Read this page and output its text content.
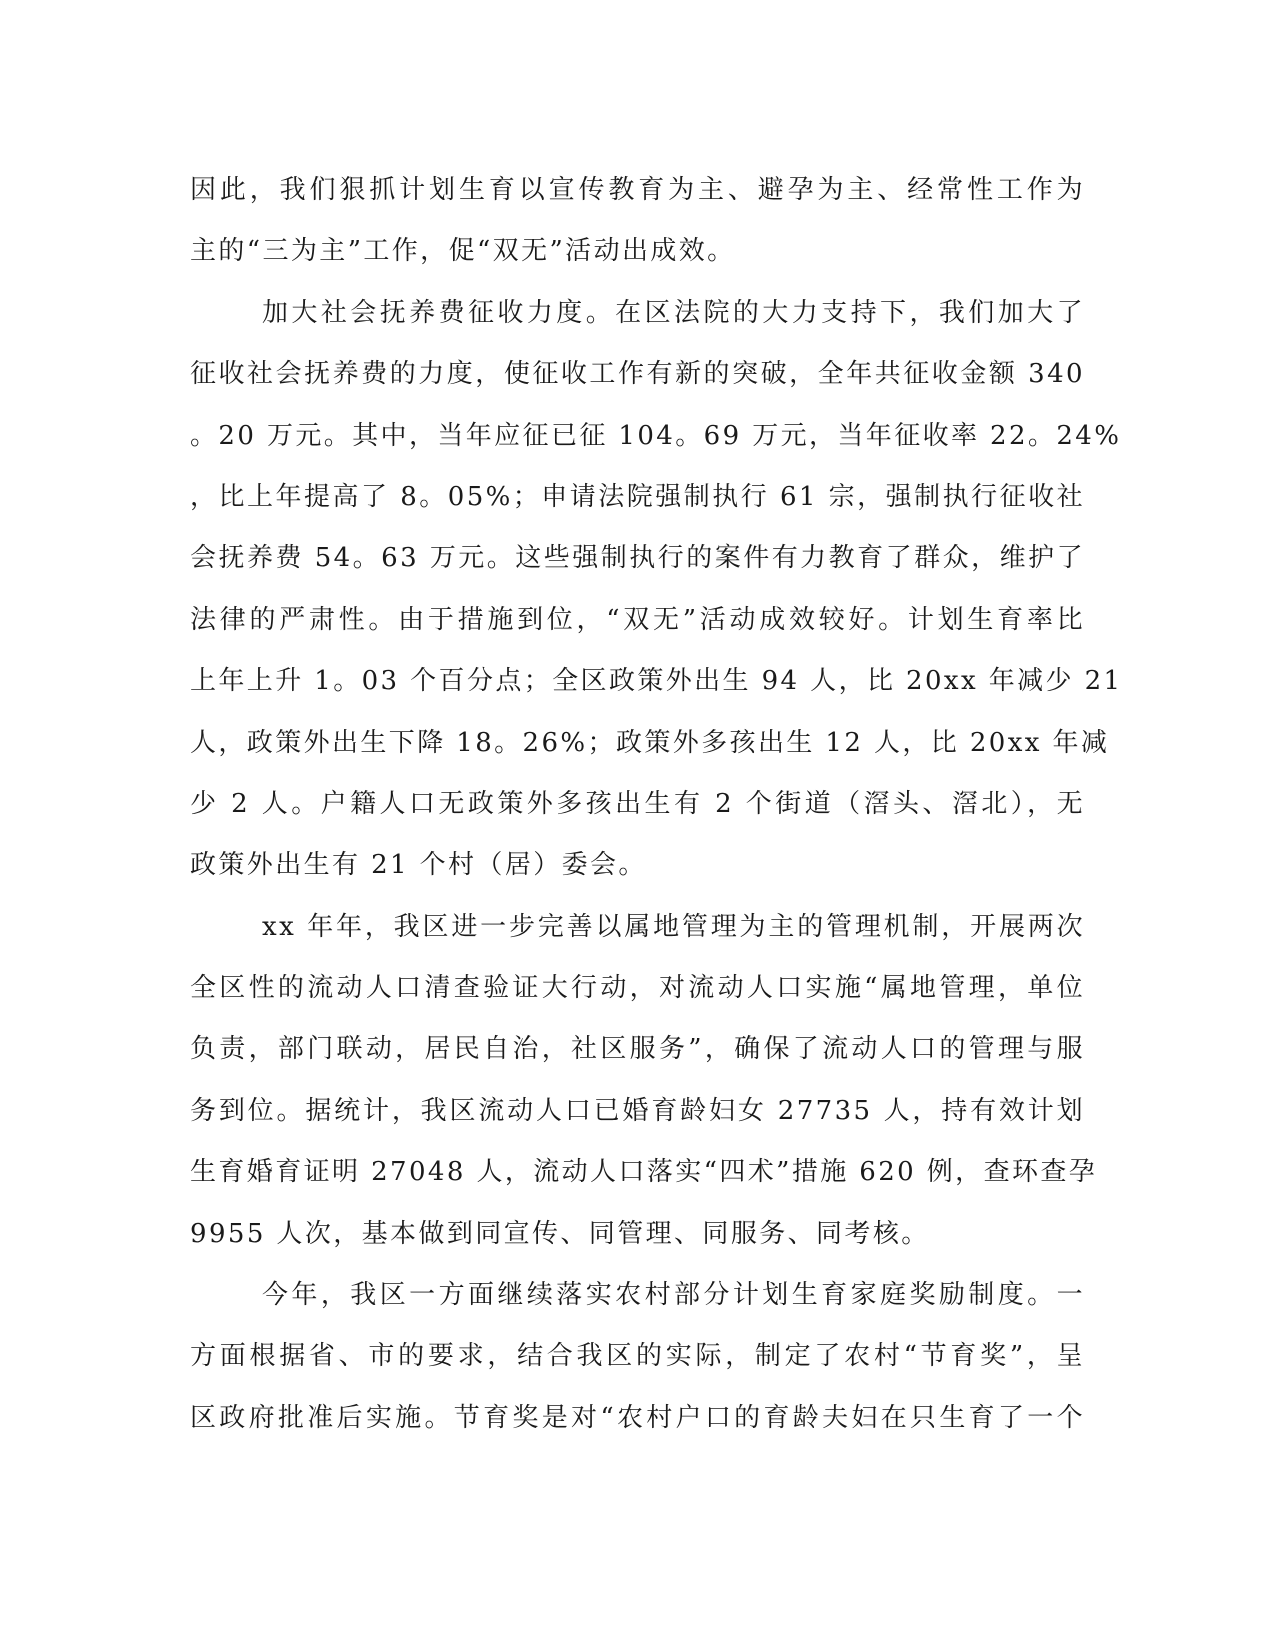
因此，我们狠抓计划生育以宣传教育为主、避孕为主、经常性工作为
主的“三为主”工作，促“双无”活动出成效。
加大社会抚养费征收力度。在区法院的大力支持下，我们加大了
征收社会抚养费的力度，使征收工作有新的突破，全年共征收金额 340
。20 万元。其中，当年应征已征 104。69 万元，当年征收率 22。24%
，比上年提高了 8。05%；申请法院强制执行 61 宗，强制执行征收社
会抚养费 54。63 万元。这些强制执行的案件有力教育了群众，维护了
法律的严肃性。由于措施到位，“双无”活动成效较好。计划生育率比
上年上升 1。03 个百分点；全区政策外出生 94 人，比 20xx 年减少 21
人，政策外出生下降 18。26%；政策外多孩出生 12 人，比 20xx 年减
少 2 人。户籍人口无政策外多孩出生有 2 个街道（滘头、滘北），无
政策外出生有 21 个村（居）委会。
xx 年年，我区进一步完善以属地管理为主的管理机制，开展两次
全区性的流动人口清查验证大行动，对流动人口实施“属地管理，单位
负责，部门联动，居民自治，社区服务”，确保了流动人口的管理与服
务到位。据统计，我区流动人口已婚育龄妇女 27735 人，持有效计划
生育婚育证明 27048 人，流动人口落实“四术”措施 620 例，查环查孕
9955 人次，基本做到同宣传、同管理、同服务、同考核。
今年，我区一方面继续落实农村部分计划生育家庭奖励制度。一
方面根据省、市的要求，结合我区的实际，制定了农村“节育奖”，呈
区政府批准后实施。节育奖是对“农村户口的育龄夫妇在只生育了一个
